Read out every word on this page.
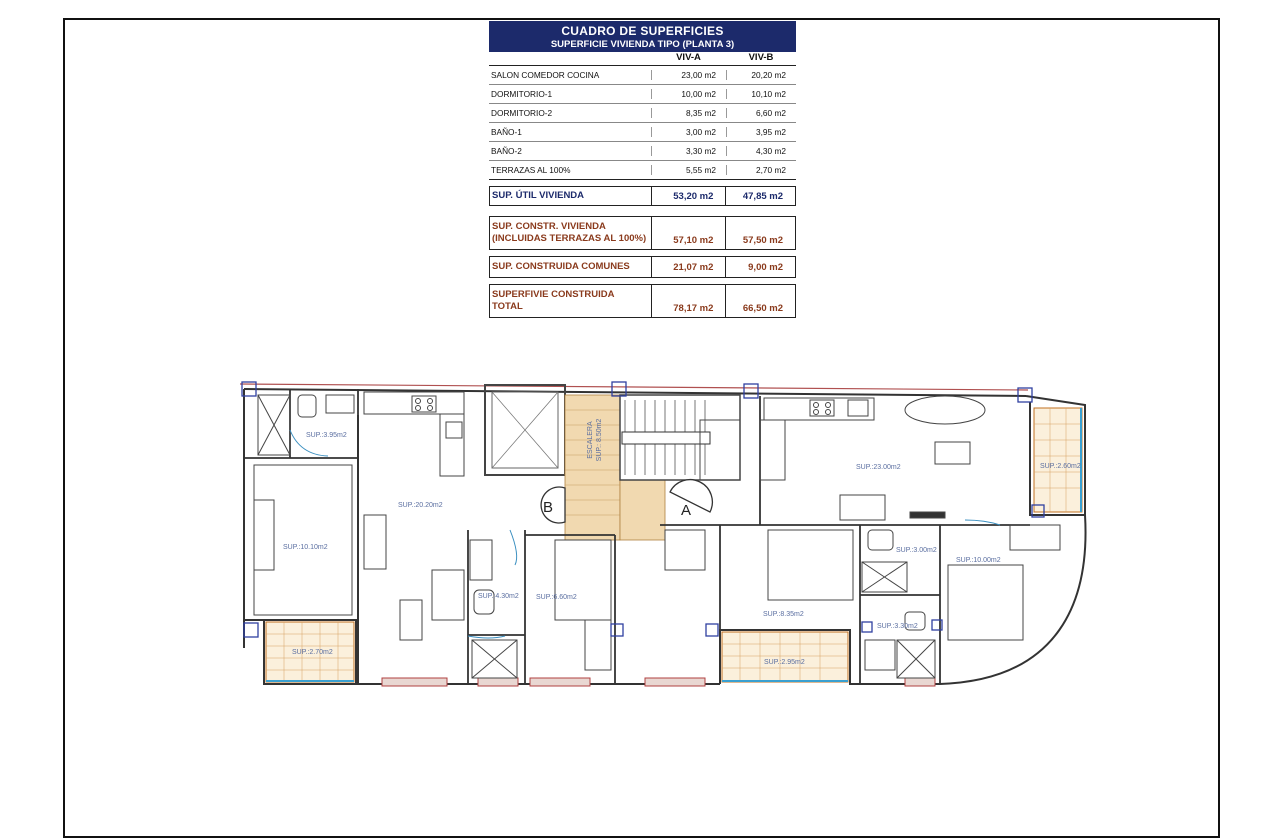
CUADRO DE SUPERFICIES
SUPERFICIE VIVIENDA TIPO (PLANTA 3)
VIV-A	VIV-B
SALON COMEDOR COCINA	23,00 m2	20,20 m2
DORMITORIO-1	10,00 m2	10,10 m2
DORMITORIO-2	8,35 m2	6,60 m2
BAÑO-1	3,00 m2	3,95 m2
BAÑO-2	3,30 m2	4,30 m2
TERRAZAS AL 100%	5,55 m2	2,70 m2
SUP. ÚTIL VIVIENDA	53,20 m2	47,85 m2
SUP. CONSTR. VIVIENDA
(INCLUIDAS TERRAZAS AL 100%)	57,10 m2	57,50 m2
SUP. CONSTRUIDA COMUNES	21,07 m2	9,00 m2
SUPERFIVIE CONSTRUIDA
TOTAL	78,17 m2	66,50 m2
ESCALERA SUP.: 8.50m2
B	A
SUP.:3.95m2
SUP.:20.20m2
SUP.:10.10m2
SUP.:4.30m2 SUP.:6.60m2
SUP.:2.70m2
SUP.:23.00m2	SUP.:2.60m2
SUP.:3.00m2
SUP.:10.00m2
SUP.:8.35m2
SUP.:3.30m2
SUP.:2.95m2
